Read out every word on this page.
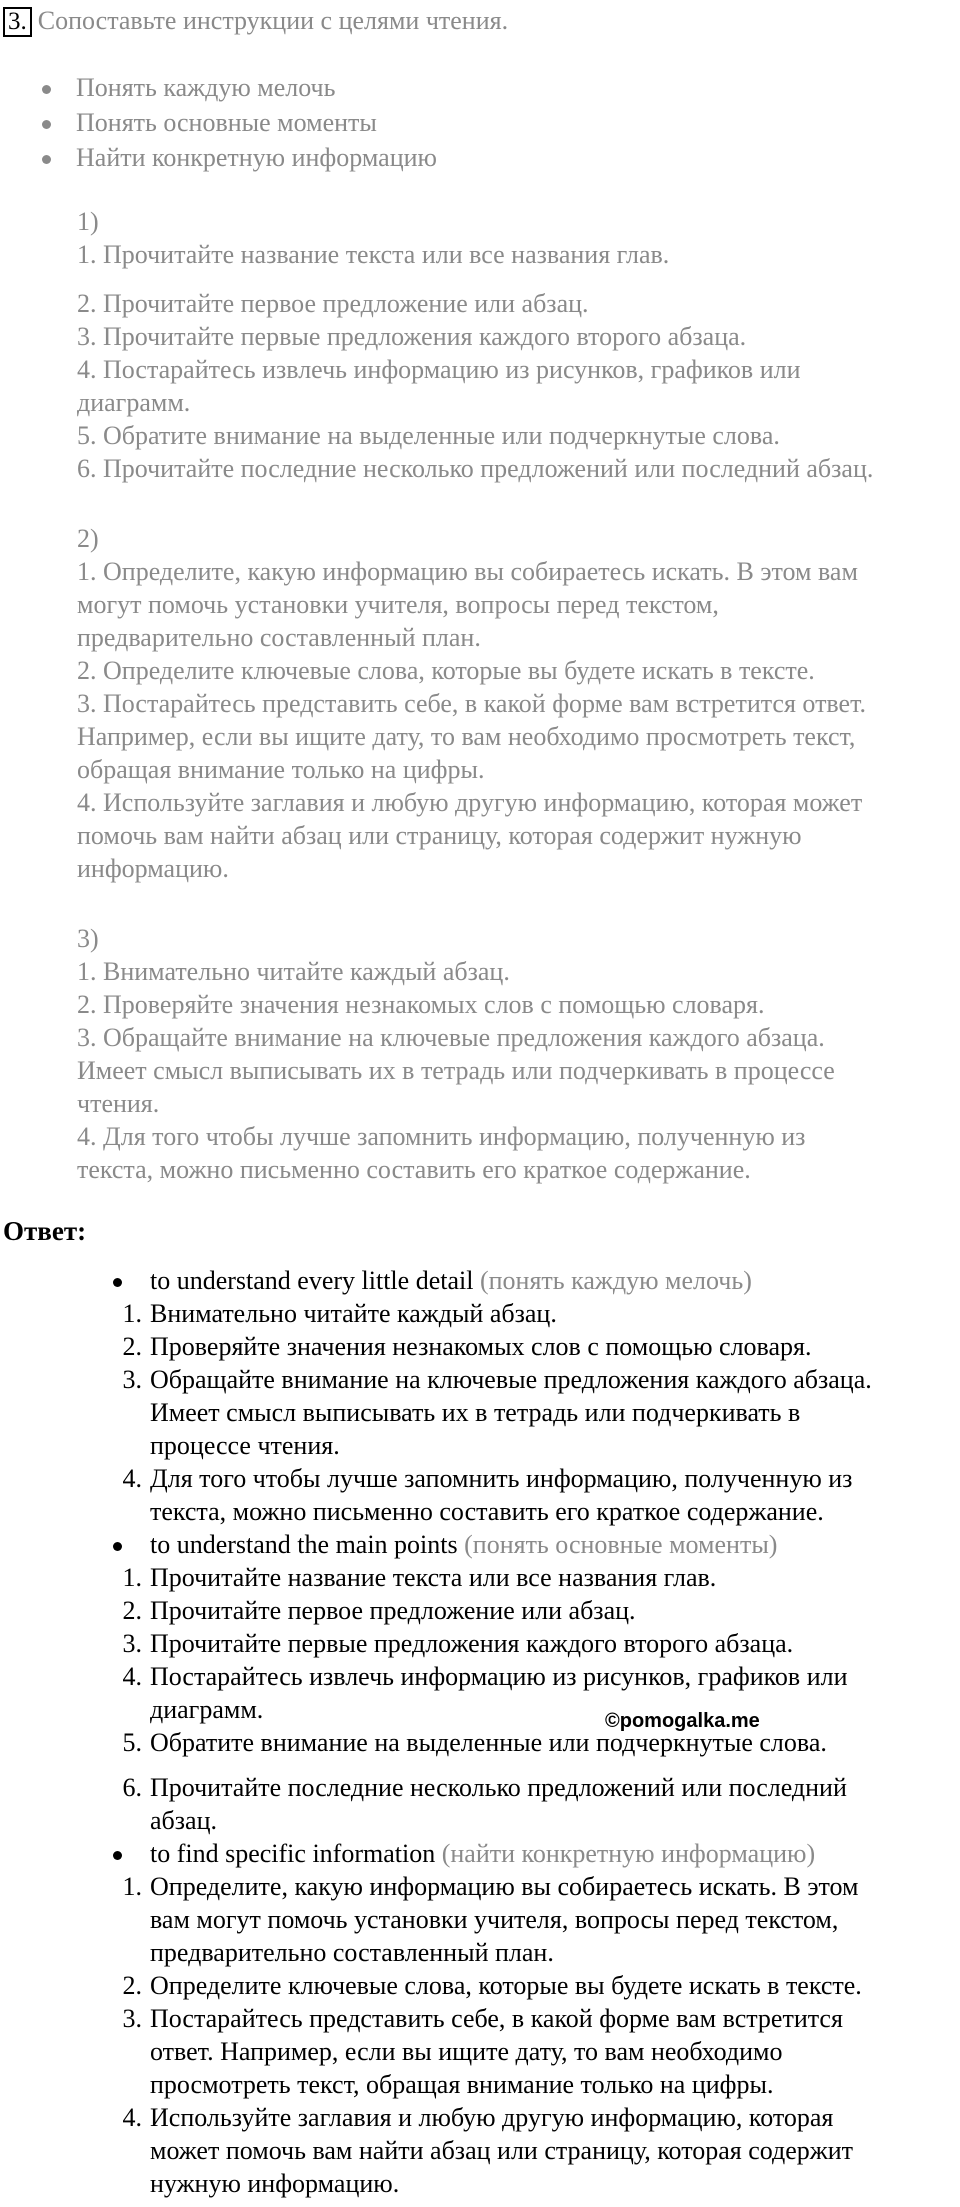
3. Сопоставьте инструкции с целями чтения.
Понять каждую мелочь
Понять основные моменты
Найти конкретную информацию
1)
1. Прочитайте название текста или все названия глав.
2. Прочитайте первое предложение или абзац.
3. Прочитайте первые предложения каждого второго абзаца.
4. Постарайтесь извлечь информацию из рисунков, графиков или
диаграмм.
5. Обратите внимание на выделенные или подчеркнутые слова.
6. Прочитайте последние несколько предложений или последний абзац.
2)
1. Определите, какую информацию вы собираетесь искать. В этом вам
могут помочь установки учителя, вопросы перед текстом,
предварительно составленный план.
2. Определите ключевые слова, которые вы будете искать в тексте.
3. Постарайтесь представить себе, в какой форме вам встретится ответ.
Например, если вы ищите дату, то вам необходимо просмотреть текст,
обращая внимание только на цифры.
4. Используйте заглавия и любую другую информацию, которая может
помочь вам найти абзац или страницу, которая содержит нужную
информацию.
3)
1. Внимательно читайте каждый абзац.
2. Проверяйте значения незнакомых слов с помощью словаря.
3. Обращайте внимание на ключевые предложения каждого абзаца.
Имеет смысл выписывать их в тетрадь или подчеркивать в процессе
чтения.
4. Для того чтобы лучше запомнить информацию, полученную из
текста, можно письменно составить его краткое содержание.
Ответ:
to understand every little detail (понять каждую мелочь)
1. Внимательно читайте каждый абзац.
2. Проверяйте значения незнакомых слов с помощью словаря.
3. Обращайте внимание на ключевые предложения каждого абзаца.
Имеет смысл выписывать их в тетрадь или подчеркивать в
процессе чтения.
4. Для того чтобы лучше запомнить информацию, полученную из
текста, можно письменно составить его краткое содержание.
to understand the main points (понять основные моменты)
1. Прочитайте название текста или все названия глав.
2. Прочитайте первое предложение или абзац.
3. Прочитайте первые предложения каждого второго абзаца.
4. Постарайтесь извлечь информацию из рисунков, графиков или
диаграмм.
5. Обратите внимание на выделенные или подчеркнутые слова.
6. Прочитайте последние несколько предложений или последний
абзац.
to find specific information (найти конкретную информацию)
1. Определите, какую информацию вы собираетесь искать. В этом
вам могут помочь установки учителя, вопросы перед текстом,
предварительно составленный план.
2. Определите ключевые слова, которые вы будете искать в тексте.
3. Постарайтесь представить себе, в какой форме вам встретится
ответ. Например, если вы ищите дату, то вам необходимо
просмотреть текст, обращая внимание только на цифры.
4. Используйте заглавия и любую другую информацию, которая
может помочь вам найти абзац или страницу, которая содержит
нужную информацию.
©pomogalka.me
